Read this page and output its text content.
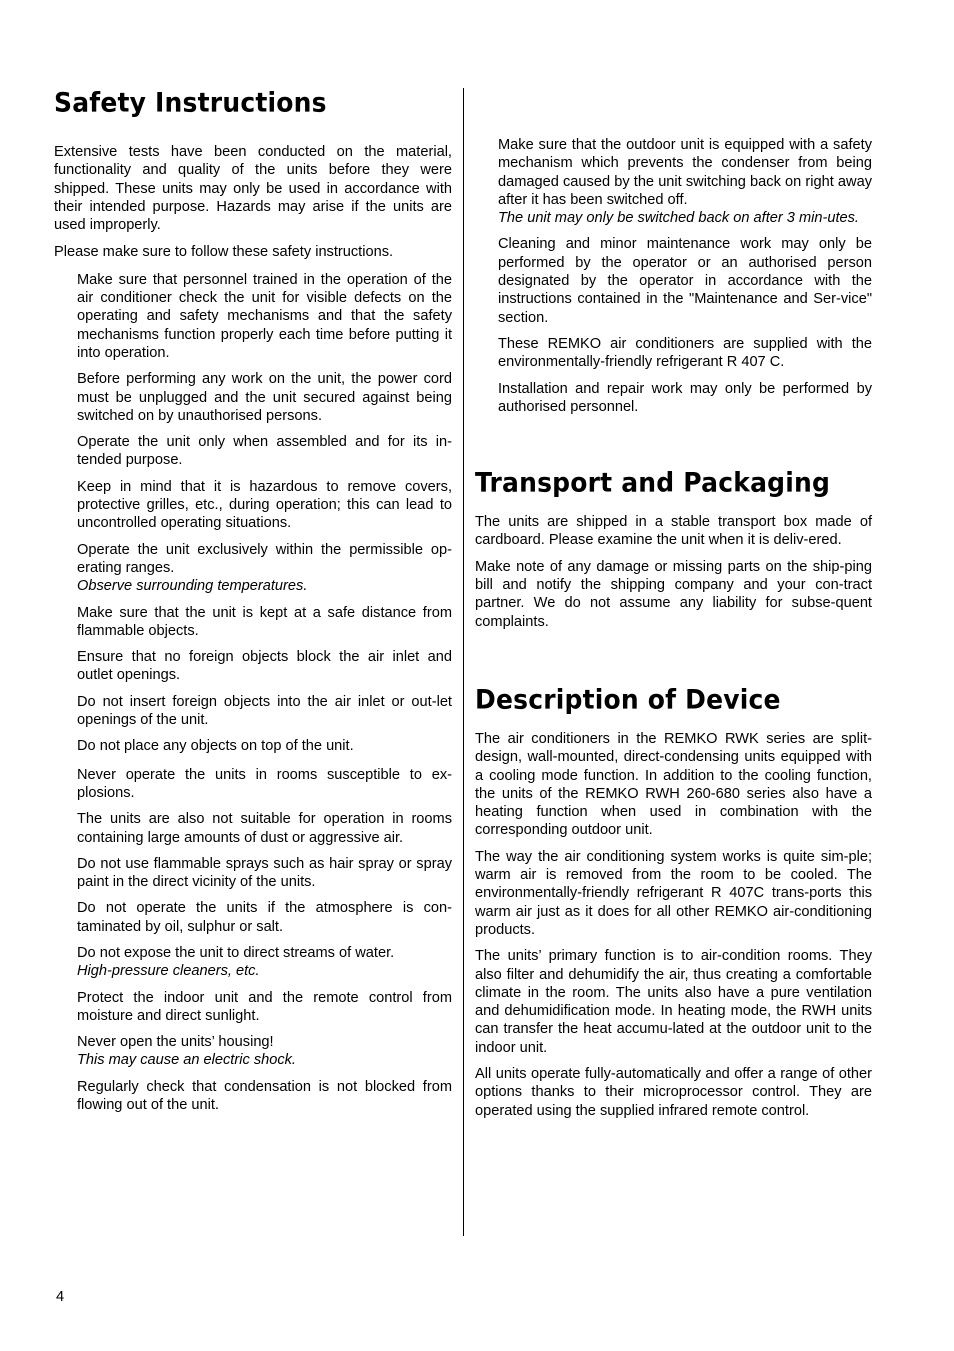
Safety Instructions

Extensive tests have been conducted on the material, functionality and quality of the units before they were shipped. These units may only be used in accordance with their intended purpose. Hazards may arise if the units are used improperly.

Please make sure to follow these safety instructions.

Make sure that personnel trained in the operation of the air conditioner check the unit for visible defects on the operating and safety mechanisms and that the safety mechanisms function properly each time before putting it into operation.

Before performing any work on the unit, the power cord must be unplugged and the unit secured against being switched on by unauthorised persons.

Operate the unit only when assembled and for its in-tended purpose.

Keep in mind that it is hazardous to remove covers, protective grilles, etc., during operation; this can lead to uncontrolled operating situations.

Operate the unit exclusively within the permissible op-erating ranges.

Observe surrounding temperatures.

Make sure that the unit is kept at a safe distance from flammable objects.

Ensure that no foreign objects block the air inlet and outlet openings.

Do not insert foreign objects into the air inlet or out-let openings of the unit.

Do not place any objects on top of the unit.

Never operate the units in rooms susceptible to ex-plosions.

The units are also not suitable for operation in rooms containing large amounts of dust or aggressive air.

Do not use flammable sprays such as hair spray or spray paint in the direct vicinity of the units.

Do not operate the units if the atmosphere is con-taminated by oil, sulphur or salt.

Do not expose the unit to direct streams of water.

High-pressure cleaners, etc.

Protect the indoor unit and the remote control from moisture and direct sunlight.

Never open the units’ housing!

This may cause an electric shock.

Regularly check that condensation is not blocked from flowing out of the unit.

Make sure that the outdoor unit is equipped with a safety mechanism which prevents the condenser from being damaged caused by the unit switching back on right away after it has been switched off.

The unit may only be switched back on after 3 min-utes.

Cleaning and minor maintenance work may only be performed by the operator or an authorised person designated by the operator in accordance with the instructions contained in the "Maintenance and Ser-vice" section.

These REMKO air conditioners are supplied with the environmentally-friendly refrigerant R 407 C.

Installation and repair work may only be performed by authorised personnel.

Transport and Packaging

The units are shipped in a stable transport box made of cardboard. Please examine the unit when it is deliv-ered.

Make note of any damage or missing parts on the ship-ping bill and notify the shipping company and your con-tract partner. We do not assume any liability for subse-quent complaints.

Description of Device

The air conditioners in the REMKO RWK series are split-design, wall-mounted, direct-condensing units equipped with a cooling mode function. In addition to the cooling function, the units of the REMKO RWH 260-680 series also have a heating function when used in combination with the corresponding outdoor unit.

The way the air conditioning system works is quite sim-ple; warm air is removed from the room to be cooled. The environmentally-friendly refrigerant R 407C trans-ports this warm air just as it does for all other REMKO air-conditioning products.

The units’ primary function is to air-condition rooms. They also filter and dehumidify the air, thus creating a comfortable climate in the room. The units also have a pure ventilation and dehumidification mode. In heating mode, the RWH units can transfer the heat accumu-lated at the outdoor unit to the indoor unit.

All units operate fully-automatically and offer a range of other options thanks to their microprocessor control. They are operated using the supplied infrared remote control.

4
